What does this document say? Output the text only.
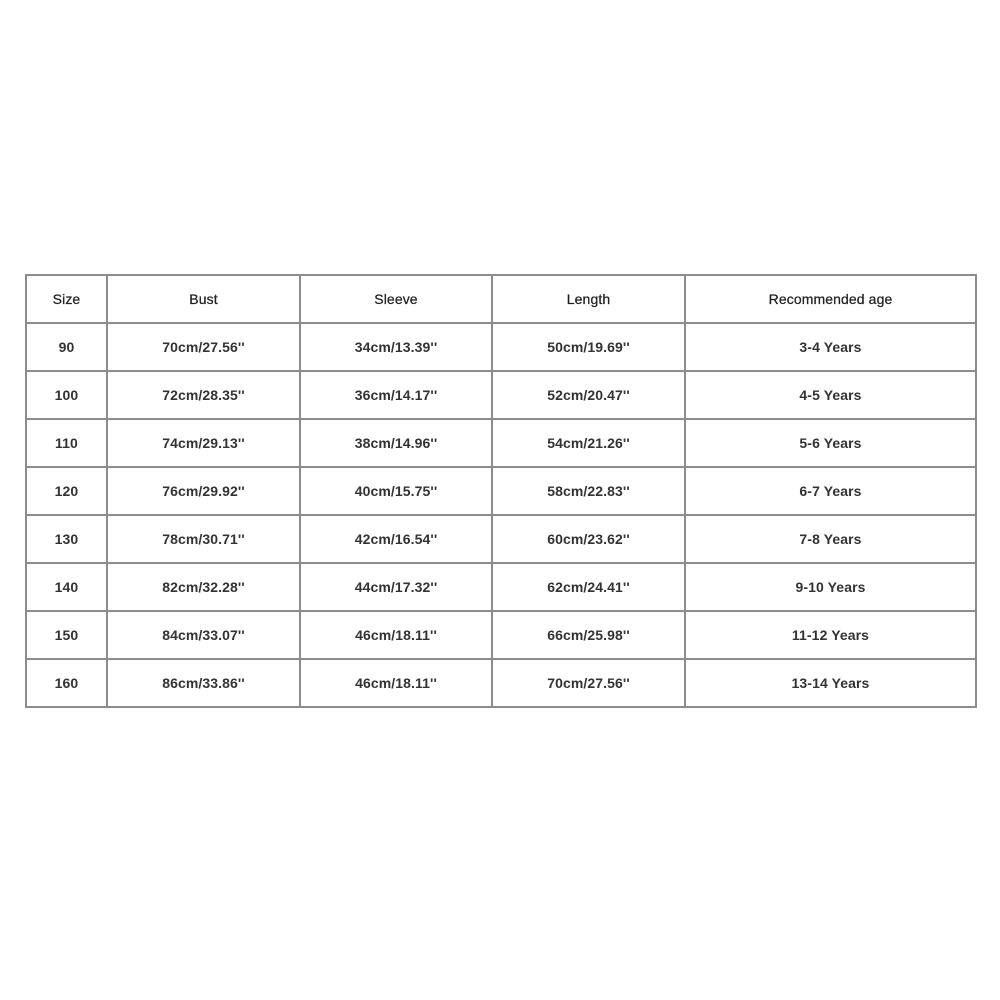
Size	Bust	Sleeve	Length	Recommended age
90	70cm/27.56''	34cm/13.39''	50cm/19.69''	3-4 Years
100	72cm/28.35''	36cm/14.17''	52cm/20.47''	4-5 Years
110	74cm/29.13''	38cm/14.96''	54cm/21.26''	5-6 Years
120	76cm/29.92''	40cm/15.75''	58cm/22.83''	6-7 Years
130	78cm/30.71''	42cm/16.54''	60cm/23.62''	7-8 Years
140	82cm/32.28''	44cm/17.32''	62cm/24.41''	9-10 Years
150	84cm/33.07''	46cm/18.11''	66cm/25.98''	11-12 Years
160	86cm/33.86''	46cm/18.11''	70cm/27.56''	13-14 Years
